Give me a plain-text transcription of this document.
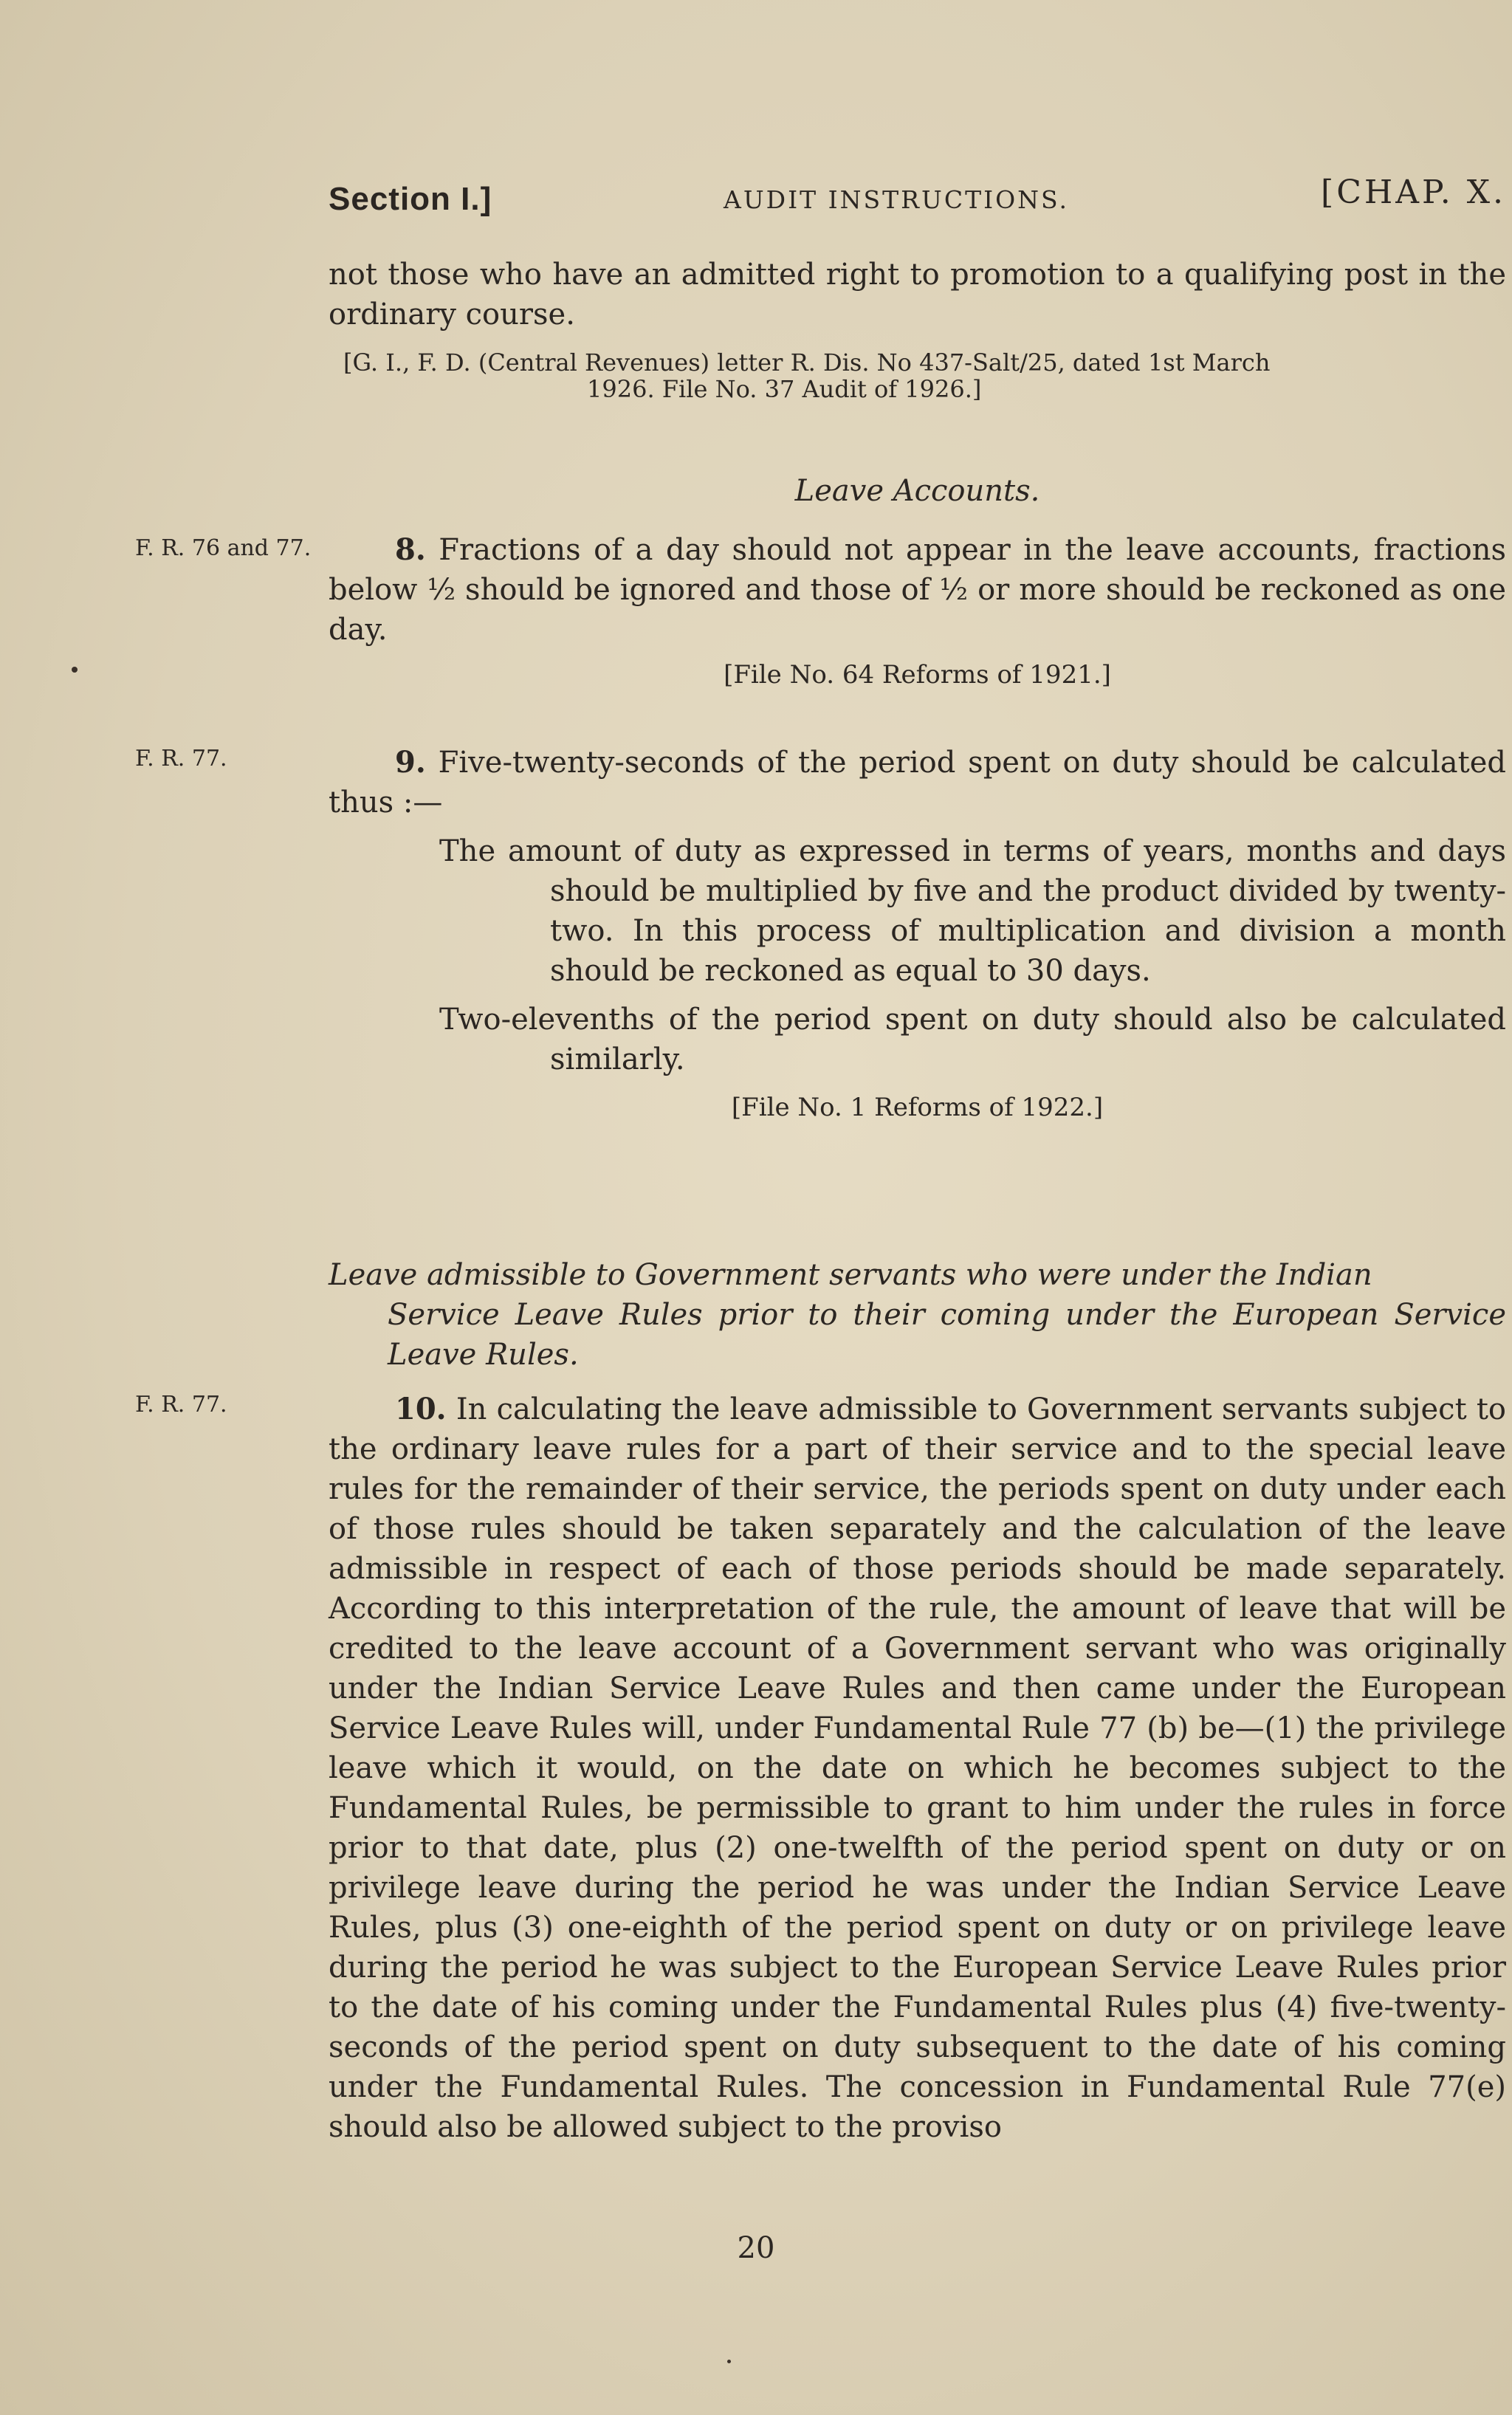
Section I.]	AUDIT INSTRUCTIONS.	[CHAP. X.

not those who have an admitted right to promotion to a qualifying post in the ordinary course.

[G. I., F. D. (Central Revenues) letter R. Dis. No 437-Salt/25, dated 1st March
1926. File No. 37 Audit of 1926.]

Leave Accounts.

F. R. 76 and 77.	8. Fractions of a day should not appear in the leave accounts, fractions below ½ should be ignored and those of ½ or more should be reckoned as one day.

[File No. 64 Reforms of 1921.]

F. R. 77.	9. Five-twenty-seconds of the period spent on duty should be calculated thus :—

The amount of duty as expressed in terms of years, months and days should be multiplied by five and the product divided by twenty-two. In this process of multiplication and division a month should be reckoned as equal to 30 days.

Two-elevenths of the period spent on duty should also be calculated similarly.

[File No. 1 Reforms of 1922.]

Leave admissible to Government servants who were under the Indian
Service Leave Rules prior to their coming under the European Service Leave Rules.

F. R. 77.	10. In calculating the leave admissible to Government servants subject to the ordinary leave rules for a part of their service and to the special leave rules for the remainder of their service, the periods spent on duty under each of those rules should be taken separately and the calculation of the leave admissible in respect of each of those periods should be made separately. According to this interpretation of the rule, the amount of leave that will be credited to the leave account of a Government servant who was originally under the Indian Service Leave Rules and then came under the European Service Leave Rules will, under Fundamental Rule 77 (b) be—(1) the privilege leave which it would, on the date on which he becomes subject to the Fundamental Rules, be permissible to grant to him under the rules in force prior to that date, plus (2) one-twelfth of the period spent on duty or on privilege leave during the period he was under the Indian Service Leave Rules, plus (3) one-eighth of the period spent on duty or on privilege leave during the period he was subject to the European Service Leave Rules prior to the date of his coming under the Fundamental Rules plus (4) five-twenty-seconds of the period spent on duty subsequent to the date of his coming under the Fundamental Rules. The concession in Fundamental Rule 77(e) should also be allowed subject to the proviso

20
